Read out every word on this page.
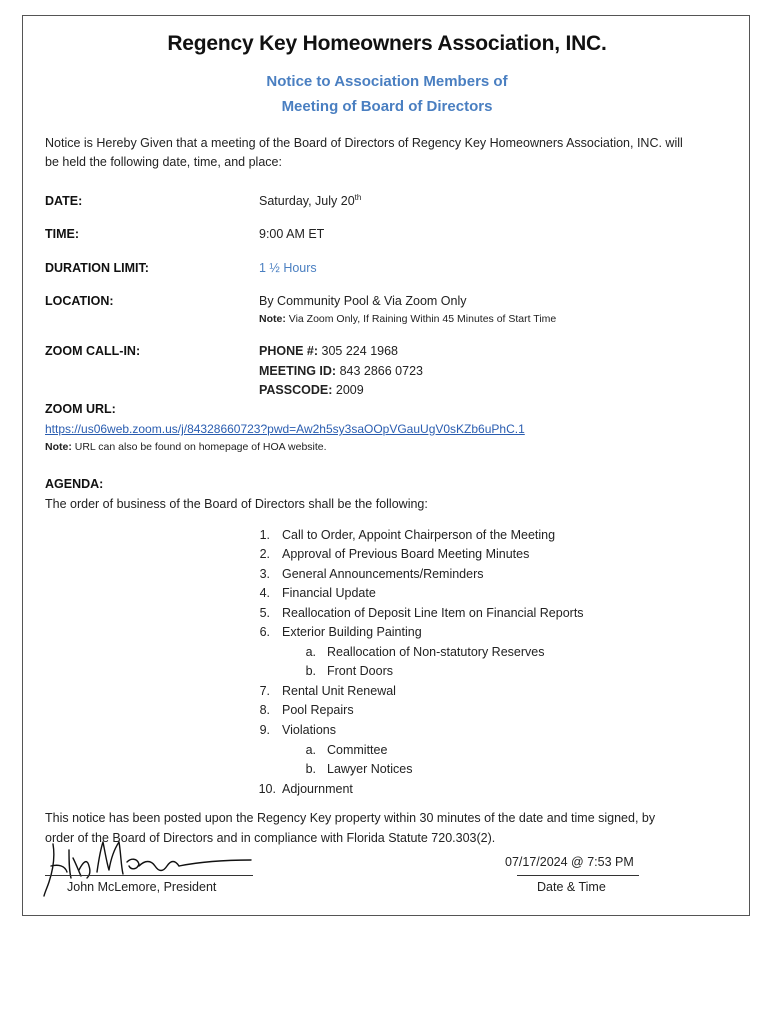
Regency Key Homeowners Association, INC.
Notice to Association Members of
Meeting of Board of Directors
Notice is Hereby Given that a meeting of the Board of Directors of Regency Key Homeowners Association, INC. will
be held the following date, time, and place:
DATE:	Saturday, July 20th
TIME:	9:00 AM ET
DURATION LIMIT:	1 ½ Hours
LOCATION:	By Community Pool & Via Zoom Only
Note: Via Zoom Only, If Raining Within 45 Minutes of Start Time
ZOOM CALL-IN:	PHONE #: 305 224 1968
MEETING ID: 843 2866 0723
PASSCODE: 2009
ZOOM URL:
https://us06web.zoom.us/j/84328660723?pwd=Aw2h5sy3saOOpVGauUgV0sKZb6uPhC.1
Note: URL can also be found on homepage of HOA website.
AGENDA:
The order of business of the Board of Directors shall be the following:
1. Call to Order, Appoint Chairperson of the Meeting
2. Approval of Previous Board Meeting Minutes
3. General Announcements/Reminders
4. Financial Update
5. Reallocation of Deposit Line Item on Financial Reports
6. Exterior Building Painting
a. Reallocation of Non-statutory Reserves
b. Front Doors
7. Rental Unit Renewal
8. Pool Repairs
9. Violations
a. Committee
b. Lawyer Notices
10. Adjournment
This notice has been posted upon the Regency Key property within 30 minutes of the date and time signed, by
order of the Board of Directors and in compliance with Florida Statute 720.303(2).
John McLemore, President
07/17/2024 @ 7:53 PM
Date & Time
